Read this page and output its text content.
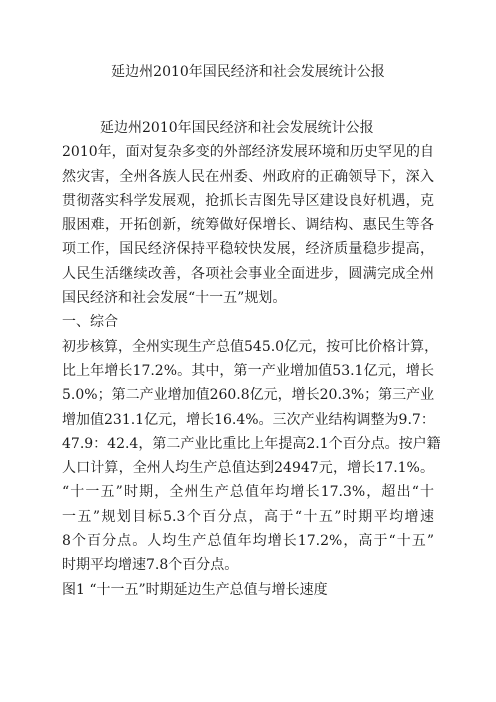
延边州2010年国民经济和社会发展统计公报
延边州2010年国民经济和社会发展统计公报
2010年，面对复杂多变的外部经济发展环境和历史罕见的自
然灾害，全州各族人民在州委、州政府的正确领导下，深入
贯彻落实科学发展观，抢抓长吉图先导区建设良好机遇，克
服困难，开拓创新，统筹做好保增长、调结构、惠民生等各
项工作，国民经济保持平稳较快发展，经济质量稳步提高，
人民生活继续改善，各项社会事业全面进步，圆满完成全州
国民经济和社会发展“十一五”规划。
一、综合
初步核算，全州实现生产总值545.0亿元，按可比价格计算，
比上年增长17.2%。其中，第一产业增加值53.1亿元，增长
5.0%；第二产业增加值260.8亿元，增长20.3%；第三产业
增加值231.1亿元，增长16.4%。三次产业结构调整为9.7：
47.9：42.4，第二产业比重比上年提高2.1个百分点。按户籍
人口计算，全州人均生产总值达到24947元，增长17.1%。
“十一五”时期，全州生产总值年均增长17.3%，超出“十
一五”规划目标5.3个百分点，高于“十五”时期平均增速
8个百分点。人均生产总值年均增长17.2%，高于“十五”
时期平均增速7.8个百分点。
图1 “十一五”时期延边生产总值与增长速度
